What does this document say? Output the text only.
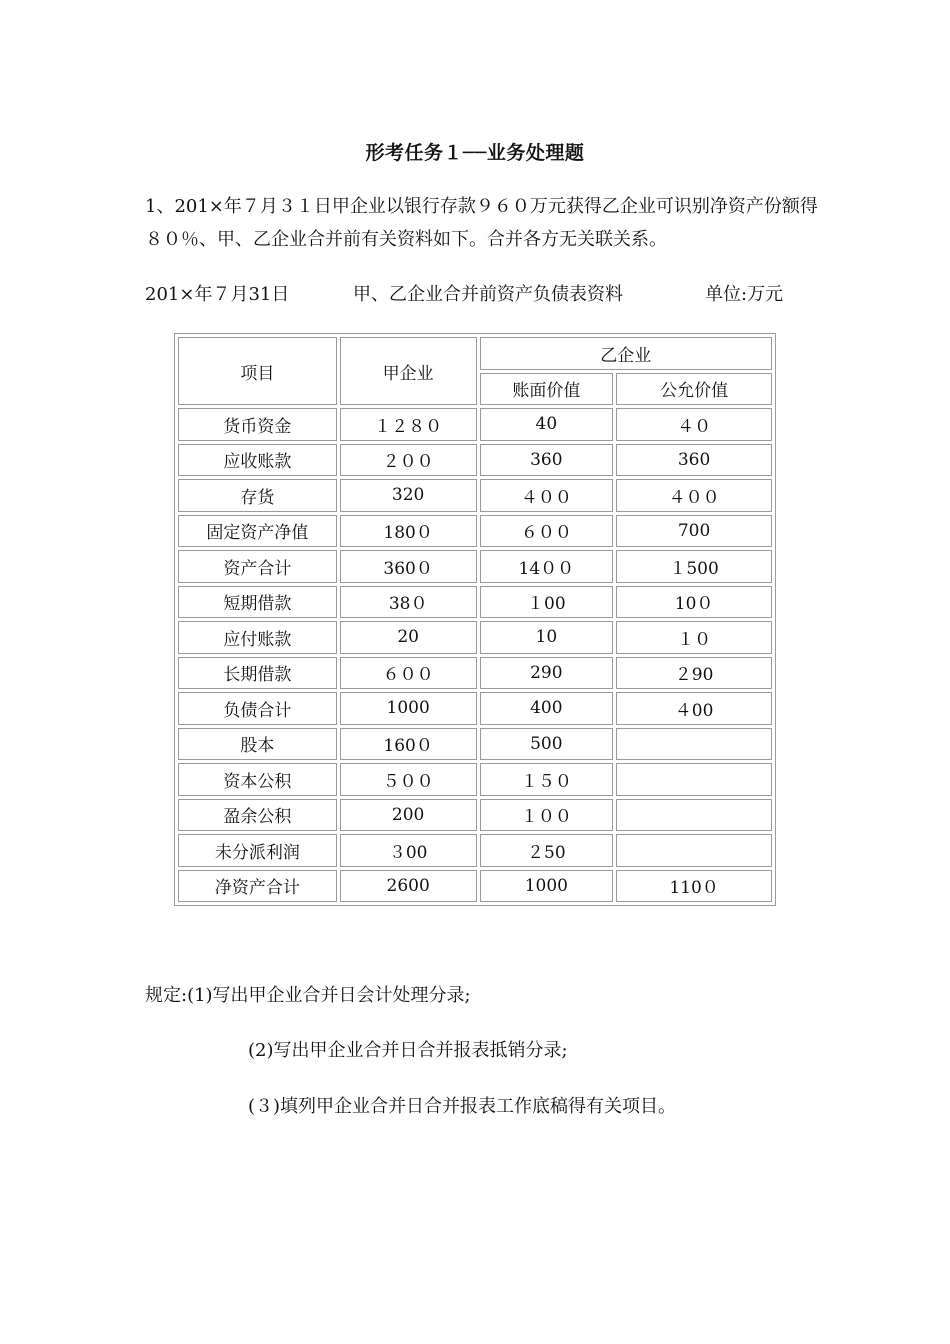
形考任务１──业务处理题
1、201×年７月３１日甲企业以银行存款９６０万元获得乙企业可识别净资产份额得８０％、甲、乙企业合并前有关资料如下。合并各方无关联关系。
201×年７月31日	甲、乙企业合并前资产负债表资料	单位:万元
项目	甲企业	乙企业	
		账面价值	公允价值
货币资金	１２８０	40	４０
应收账款	２００	360	360
存货	320	４００	４００
固定资产净值	180０	６００	700
资产合计	360０	14００	１500
短期借款	38０	１00	10０
应付账款	20	10	１０
长期借款	６００	290	２90
负债合计	1000	400	４00
股本	160０	500	
资本公积	５００	１５０	
盈余公积	200	１００	
未分派利润	３00	２50	
净资产合计	2600	1000	110０
规定:(1)写出甲企业合并日会计处理分录;
(2)写出甲企业合并日合并报表抵销分录;
(３)填列甲企业合并日合并报表工作底稿得有关项目。
